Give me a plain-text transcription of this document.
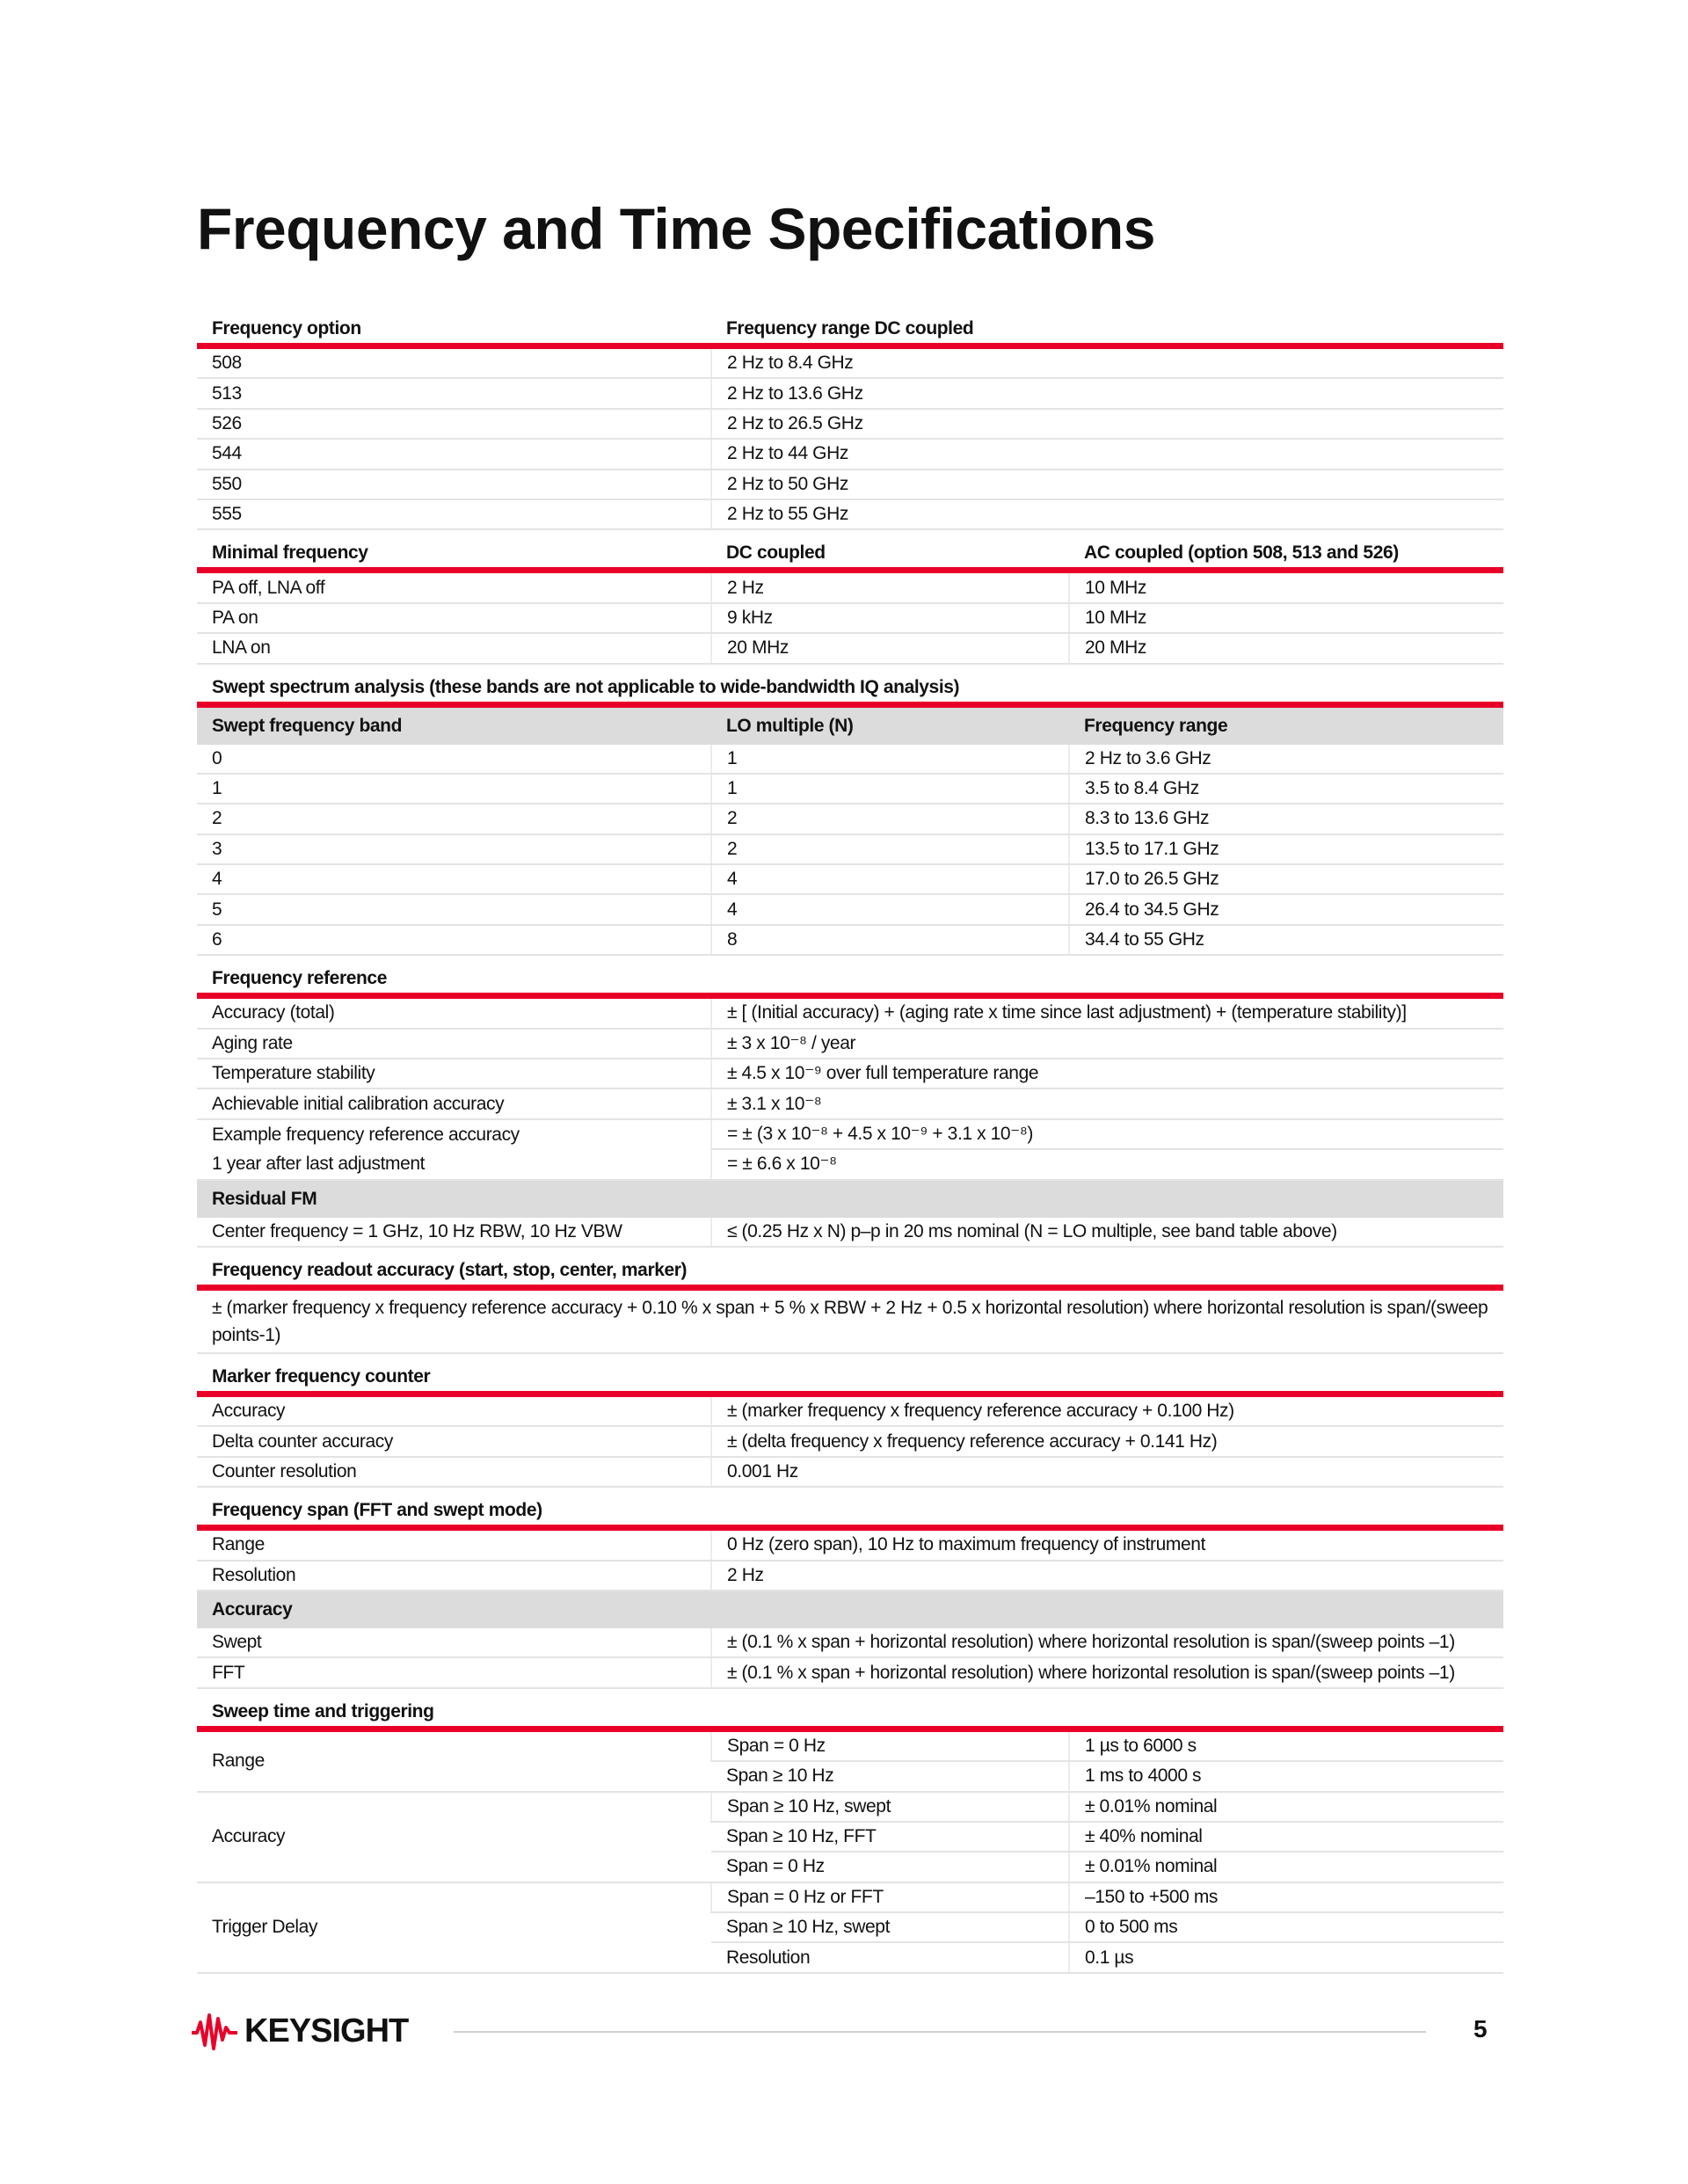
Frequency and Time Specifications
Frequency option	Frequency range DC coupled

508	2 Hz to 8.4 GHz
513	2 Hz to 13.6 GHz
526	2 Hz to 26.5 GHz
544	2 Hz to 44 GHz
550	2 Hz to 50 GHz
555	2 Hz to 55 GHz
Minimal frequency	DC coupled	AC coupled (option 508, 513 and 526)

PA off, LNA off	2 Hz	10 MHz
PA on	9 kHz	10 MHz
LNA on	20 MHz	20 MHz
Swept spectrum analysis (these bands are not applicable to wide-bandwidth IQ analysis)		

Swept frequency band	LO multiple (N)	Frequency range
0	1	2 Hz to 3.6 GHz
1	1	3.5 to 8.4 GHz
2	2	8.3 to 13.6 GHz
3	2	13.5 to 17.1 GHz
4	4	17.0 to 26.5 GHz
5	4	26.4 to 34.5 GHz
6	8	34.4 to 55 GHz
Frequency reference	

Accuracy (total)	± [ (Initial accuracy) + (aging rate x time since last adjustment) + (temperature stability)]
Aging rate	± 3 x 10⁻⁸ / year
Temperature stability	± 4.5 x 10⁻⁹ over full temperature range
Achievable initial calibration accuracy	± 3.1 x 10⁻⁸
Example frequency reference accuracy	= ± (3 x 10⁻⁸ + 4.5 x 10⁻⁹ + 3.1 x 10⁻⁸)
1 year after last adjustment	= ± 6.6 x 10⁻⁸
Residual FM	
Center frequency = 1 GHz, 10 Hz RBW, 10 Hz VBW	≤ (0.25 Hz x N) p–p in 20 ms nominal (N = LO multiple, see band table above)
Frequency readout accuracy (start, stop, center, marker)

± (marker frequency x frequency reference accuracy + 0.10 % x span + 5 % x RBW + 2 Hz + 0.5 x horizontal resolution) where horizontal resolution is span/(sweep points-1)
Marker frequency counter	

Accuracy	± (marker frequency x frequency reference accuracy + 0.100 Hz)
Delta counter accuracy	± (delta frequency x frequency reference accuracy + 0.141 Hz)
Counter resolution	0.001 Hz
Frequency span (FFT and swept mode)	

Range	0 Hz (zero span), 10 Hz to maximum frequency of instrument
Resolution	2 Hz
Accuracy	
Swept	± (0.1 % x span + horizontal resolution) where horizontal resolution is span/(sweep points –1)
FFT	± (0.1 % x span + horizontal resolution) where horizontal resolution is span/(sweep points –1)
Sweep time and triggering		

Range	Span = 0 Hz	1 µs to 6000 s
	Span ≥ 10 Hz	1 ms to 4000 s
Accuracy	Span ≥ 10 Hz, swept	± 0.01% nominal
	Span ≥ 10 Hz, FFT	± 40% nominal
	Span = 0 Hz	± 0.01% nominal
Trigger Delay	Span = 0 Hz or FFT	–150 to +500 ms
	Span ≥ 10 Hz, swept	0 to 500 ms
	Resolution	0.1 µs
KEYSIGHT	5
